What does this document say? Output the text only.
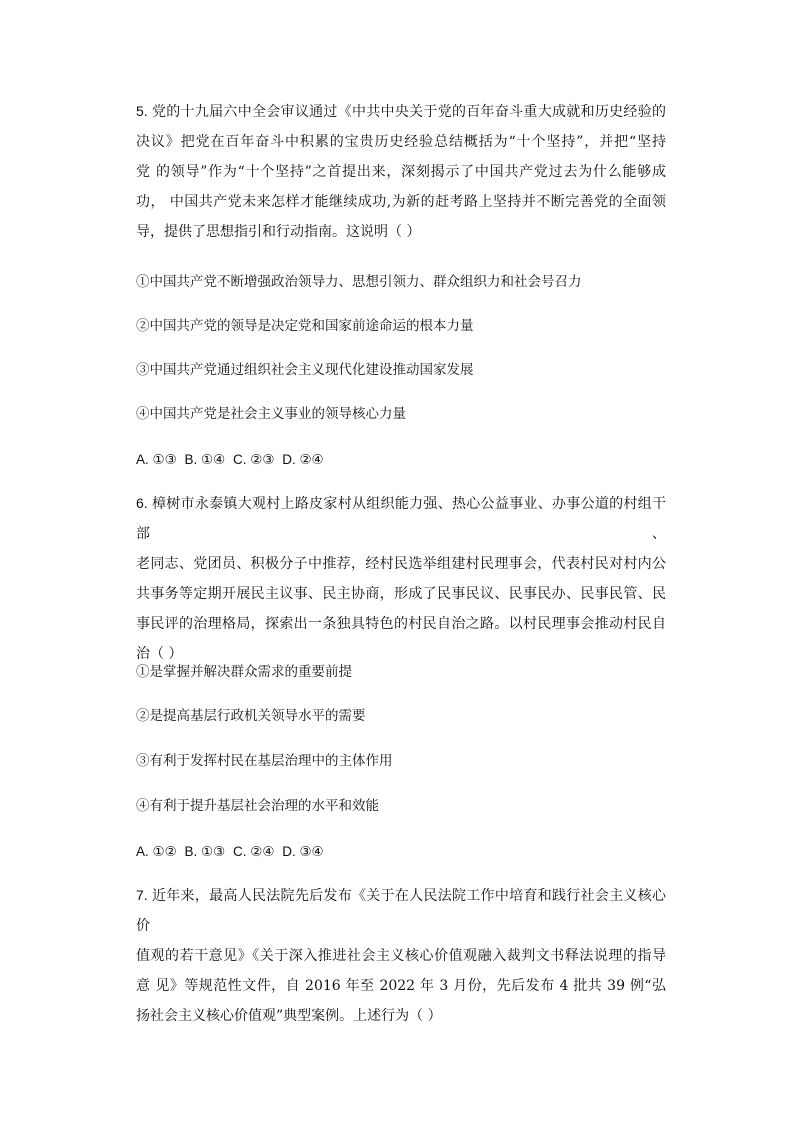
5. 党的十九届六中全会审议通过《中共中央关于党的百年奋斗重大成就和历史经验的

决议》把党在百年奋斗中积累的宝贵历史经验总结概括为“十个坚持”，并把“坚持

党 的领导”作为“十个坚持”之首提出来，深刻揭示了中国共产党过去为什么能够成

功， 中国共产党未来怎样才能继续成功,为新的赶考路上坚持并不断完善党的全面领

导，提供了思想指引和行动指南。这说明（ ）

①中国共产党不断增强政治领导力、思想引领力、群众组织力和社会号召力
②中国共产党的领导是决定党和国家前途命运的根本力量
③中国共产党通过组织社会主义现代化建设推动国家发展
④中国共产党是社会主义事业的领导核心力量
A. ①③ B. ①④ C. ②③ D. ②④

6. 樟树市永泰镇大观村上路皮家村从组织能力强、热心公益事业、办事公道的村组干部、

老同志、党团员、积极分子中推荐，经村民选举组建村民理事会，代表村民对村内公

共事务等定期开展民主议事、民主协商，形成了民事民议、民事民办、民事民管、民

事民评的治理格局，探索出一条独具特色的村民自治之路。以村民理事会推动村民自

治（ ）

①是掌握并解决群众需求的重要前提
②是提高基层行政机关领导水平的需要
③有利于发挥村民在基层治理中的主体作用
④有利于提升基层社会治理的水平和效能
A. ①② B. ①③ C. ②④ D. ③④

7. 近年来，最高人民法院先后发布《关于在人民法院工作中培育和践行社会主义核心价

值观的若干意见》《关于深入推进社会主义核心价值观融入裁判文书释法说理的指导

意 见》等规范性文件，自 2016 年至 2022 年 3 月份，先后发布 4 批共 39 例“弘

扬社会主义核心价值观”典型案例。上述行为（ ）
